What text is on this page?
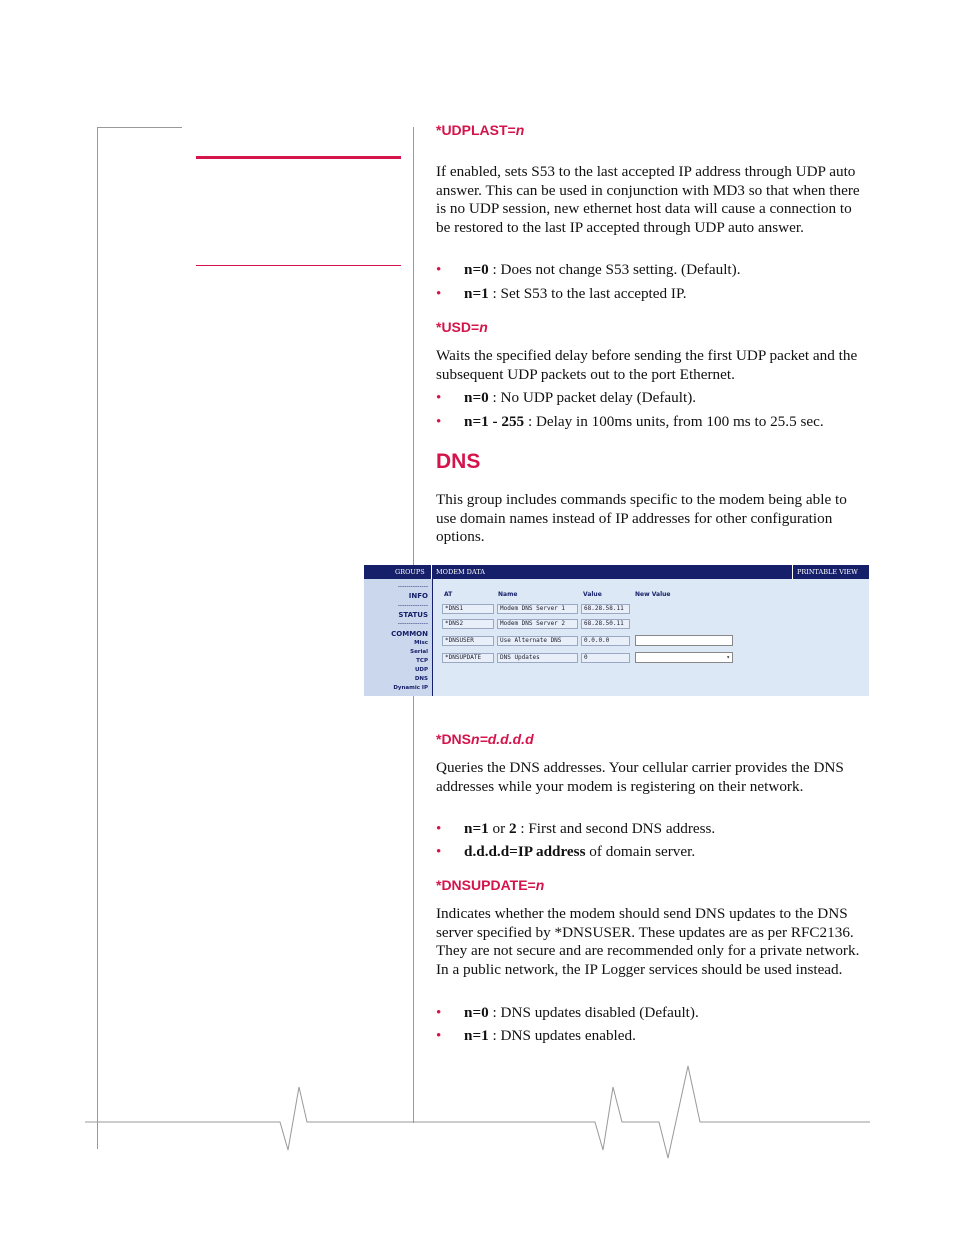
*UDPLAST=n

If enabled, sets S53 to the last accepted IP address through UDP auto answer. This can be used in conjunction with MD3 so that when there is no UDP session, new ethernet host data will cause a connection to be restored to the last IP accepted through UDP auto answer.

• n=0 : Does not change S53 setting. (Default).

• n=1 : Set S53 to the last accepted IP.

*USD=n

Waits the specified delay before sending the first UDP packet and the subsequent UDP packets out to the port Ethernet.

• n=0 : No UDP packet delay (Default).

• n=1 - 255 : Delay in 100ms units, from 100 ms to 25.5 sec.

DNS

This group includes commands specific to the modem being able to use domain names instead of IP addresses for other configuration options.

GROUPS MODEM DATA	PRINTABLE VIEW
--------------
INFO
--------------
STATUS
--------------
COMMON
Misc
Serial
TCP
UDP
DNS
Dynamic IP
AT	Name	Value	New Value
*DNS1	Modem DNS Server 1	68.28.58.11
*DNS2	Modem DNS Server 2	68.28.50.11
*DNSUSER	Use Alternate DNS	0.0.0.0
*DNSUPDATE	DNS Updates	0	▾

*DNSn=d.d.d.d

Queries the DNS addresses. Your cellular carrier provides the DNS addresses while your modem is registering on their network.

• n=1 or 2 : First and second DNS address.

• d.d.d.d=IP address of domain server.

*DNSUPDATE=n

Indicates whether the modem should send DNS updates to the DNS server specified by *DNSUSER. These updates are as per RFC2136. They are not secure and are recommended only for a private network. In a public network, the IP Logger services should be used instead.

• n=0 : DNS updates disabled (Default).

• n=1 : DNS updates enabled.
